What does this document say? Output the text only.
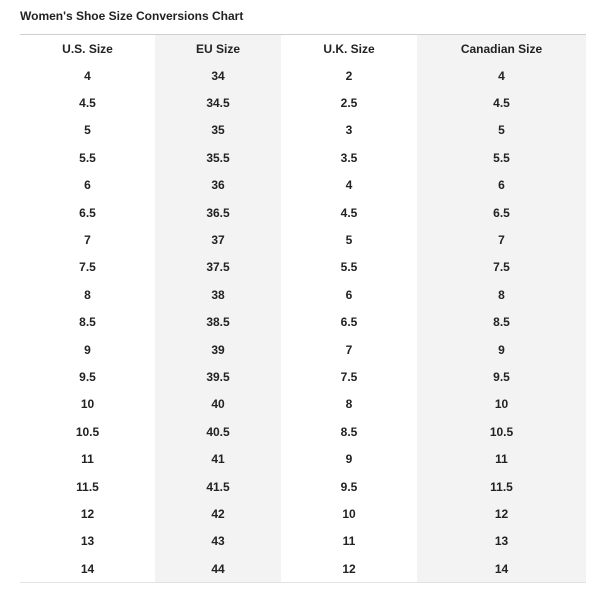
Women's Shoe Size Conversions Chart
U.S. Size	EU Size	U.K. Size	Canadian Size
4	34	2	4
4.5	34.5	2.5	4.5
5	35	3	5
5.5	35.5	3.5	5.5
6	36	4	6
6.5	36.5	4.5	6.5
7	37	5	7
7.5	37.5	5.5	7.5
8	38	6	8
8.5	38.5	6.5	8.5
9	39	7	9
9.5	39.5	7.5	9.5
10	40	8	10
10.5	40.5	8.5	10.5
11	41	9	11
11.5	41.5	9.5	11.5
12	42	10	12
13	43	11	13
14	44	12	14
